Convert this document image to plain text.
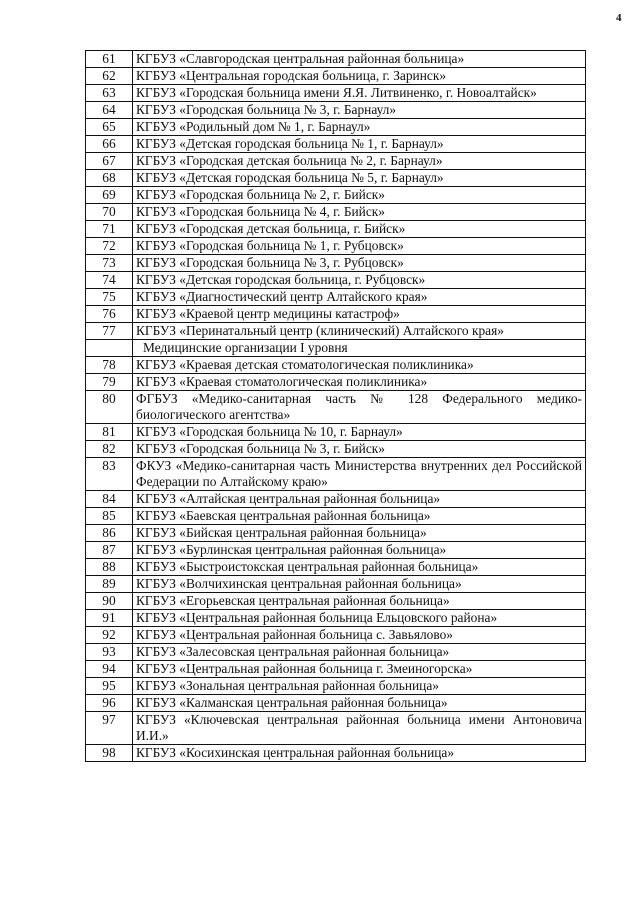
4
61	КГБУЗ «Славгородская центральная районная больница»
62	КГБУЗ «Центральная городская больница, г. Заринск»
63	КГБУЗ «Городская больница имени Я.Я. Литвиненко, г. Новоалтайск»
64	КГБУЗ «Городская больница № 3, г. Барнаул»
65	КГБУЗ «Родильный дом № 1, г. Барнаул»
66	КГБУЗ «Детская городская больница № 1, г. Барнаул»
67	КГБУЗ «Городская детская больница № 2, г. Барнаул»
68	КГБУЗ «Детская городская больница № 5, г. Барнаул»
69	КГБУЗ «Городская больница № 2, г. Бийск»
70	КГБУЗ «Городская больница № 4, г. Бийск»
71	КГБУЗ «Городская детская больница, г. Бийск»
72	КГБУЗ «Городская больница № 1, г. Рубцовск»
73	КГБУЗ «Городская больница № 3, г. Рубцовск»
74	КГБУЗ «Детская городская больница, г. Рубцовск»
75	КГБУЗ «Диагностический центр Алтайского края»
76	КГБУЗ «Краевой центр медицины катастроф»
77	КГБУЗ «Перинатальный центр (клинический) Алтайского края»
	Медицинские организации I уровня
78	КГБУЗ «Краевая детская стоматологическая поликлиника»
79	КГБУЗ «Краевая стоматологическая поликлиника»
80	ФГБУЗ «Медико-санитарная часть № 128 Федерального медико-биологического агентства»
81	КГБУЗ «Городская больница № 10, г. Барнаул»
82	КГБУЗ «Городская больница № 3, г. Бийск»
83	ФКУЗ «Медико-санитарная часть Министерства внутренних дел Российской Федерации по Алтайскому краю»
84	КГБУЗ «Алтайская центральная районная больница»
85	КГБУЗ «Баевская центральная районная больница»
86	КГБУЗ «Бийская центральная районная больница»
87	КГБУЗ «Бурлинская центральная районная больница»
88	КГБУЗ «Быстроистокская центральная районная больница»
89	КГБУЗ «Волчихинская центральная районная больница»
90	КГБУЗ «Егорьевская центральная районная больница»
91	КГБУЗ «Центральная районная больница Ельцовского района»
92	КГБУЗ «Центральная районная больница с. Завьялово»
93	КГБУЗ «Залесовская центральная районная больница»
94	КГБУЗ «Центральная районная больница г. Змеиногорска»
95	КГБУЗ «Зональная центральная районная больница»
96	КГБУЗ «Калманская центральная районная больница»
97	КГБУЗ «Ключевская центральная районная больница имени Антоновича И.И.»
98	КГБУЗ «Косихинская центральная районная больница»
